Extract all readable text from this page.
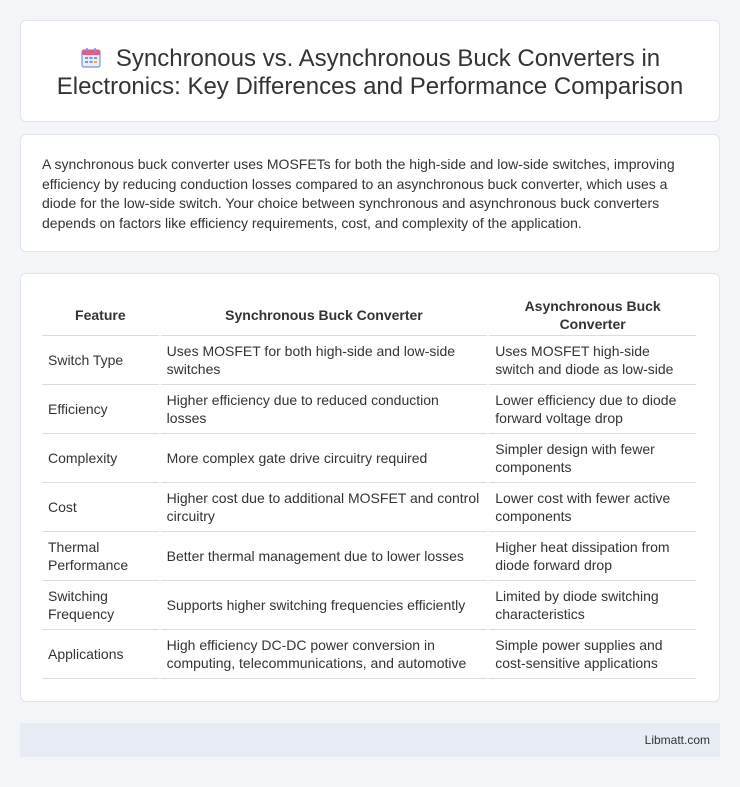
Synchronous vs. Asynchronous Buck Converters in Electronics: Key Differences and Performance Comparison

A synchronous buck converter uses MOSFETs for both the high-side and low-side switches, improving efficiency by reducing conduction losses compared to an asynchronous buck converter, which uses a diode for the low-side switch. Your choice between synchronous and asynchronous buck converters depends on factors like efficiency requirements, cost, and complexity of the application.

Feature	Synchronous Buck Converter	Asynchronous Buck Converter
Switch Type	Uses MOSFET for both high-side and low-side switches	Uses MOSFET high-side switch and diode as low-side
Efficiency	Higher efficiency due to reduced conduction losses	Lower efficiency due to diode forward voltage drop
Complexity	More complex gate drive circuitry required	Simpler design with fewer components
Cost	Higher cost due to additional MOSFET and control circuitry	Lower cost with fewer active components
Thermal Performance	Better thermal management due to lower losses	Higher heat dissipation from diode forward drop
Switching Frequency	Supports higher switching frequencies efficiently	Limited by diode switching characteristics
Applications	High efficiency DC-DC power conversion in computing, telecommunications, and automotive	Simple power supplies and cost-sensitive applications
Libmatt.com
